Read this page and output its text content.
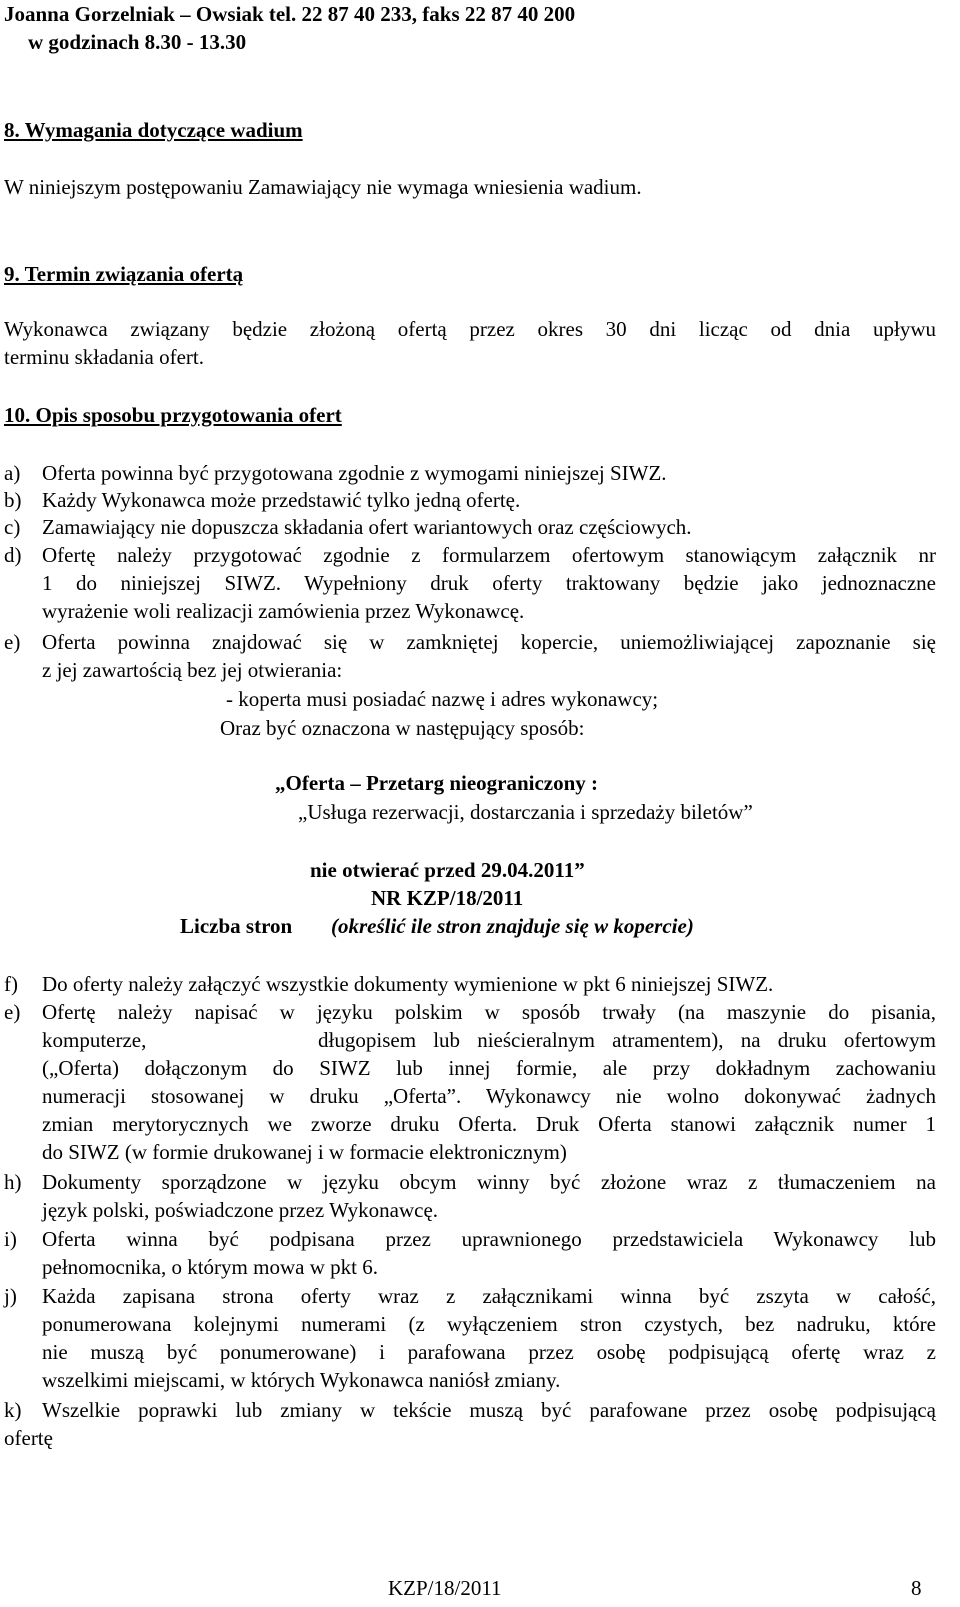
Joanna Gorzelniak – Owsiak tel. 22 87 40 233, faks 22 87 40 200
w godzinach 8.30 - 13.30
8. Wymagania dotyczące wadium
W niniejszym postępowaniu Zamawiający nie wymaga wniesienia wadium.
9. Termin związania ofertą
Wykonawca związany będzie złożoną ofertą przez okres 30 dni licząc od dnia upływu
terminu składania ofert.
10. Opis sposobu przygotowania ofert
a) Oferta powinna być przygotowana zgodnie z wymogami niniejszej SIWZ.
b) Każdy Wykonawca może przedstawić tylko jedną ofertę.
c) Zamawiający nie dopuszcza składania ofert wariantowych oraz częściowych.
d) Ofertę należy przygotować zgodnie z formularzem ofertowym stanowiącym załącznik nr
1 do niniejszej SIWZ. Wypełniony druk oferty traktowany będzie jako jednoznaczne
wyrażenie woli realizacji zamówienia przez Wykonawcę.
e) Oferta powinna znajdować się w zamkniętej kopercie, uniemożliwiającej zapoznanie się
z jej zawartością bez jej otwierania:
- koperta musi posiadać nazwę i adres wykonawcy;
Oraz być oznaczona w następujący sposób:
„Oferta – Przetarg nieograniczony :
„Usługa rezerwacji, dostarczania i sprzedaży biletów”
nie otwierać przed 29.04.2011”
NR KZP/18/2011
Liczba stron (określić ile stron znajduje się w kopercie)
f) Do oferty należy załączyć wszystkie dokumenty wymienione w pkt 6 niniejszej SIWZ.
e) Ofertę należy napisać w języku polskim w sposób trwały (na maszynie do pisania,
komputerze,          długopisem lub nieścieralnym atramentem), na druku ofertowym
(„Oferta) dołączonym do SIWZ lub innej formie, ale przy dokładnym zachowaniu
numeracji stosowanej w druku „Oferta”. Wykonawcy nie wolno dokonywać żadnych
zmian merytorycznych we zworze druku Oferta. Druk Oferta stanowi załącznik numer 1
do SIWZ (w formie drukowanej i w formacie elektronicznym)
h) Dokumenty sporządzone w języku obcym winny być złożone wraz z tłumaczeniem na
język polski, poświadczone przez Wykonawcę.
i) Oferta winna być podpisana przez uprawnionego przedstawiciela Wykonawcy lub
pełnomocnika, o którym mowa w pkt 6.
j) Każda zapisana strona oferty wraz z załącznikami winna być zszyta w całość,
ponumerowana kolejnymi numerami (z wyłączeniem stron czystych, bez nadruku, które
nie muszą być ponumerowane) i parafowana przez osobę podpisującą ofertę wraz z
wszelkimi miejscami, w których Wykonawca naniósł zmiany.
k) Wszelkie poprawki lub zmiany w tekście muszą być parafowane przez osobę podpisującą
ofertę
KZP/18/2011	8
